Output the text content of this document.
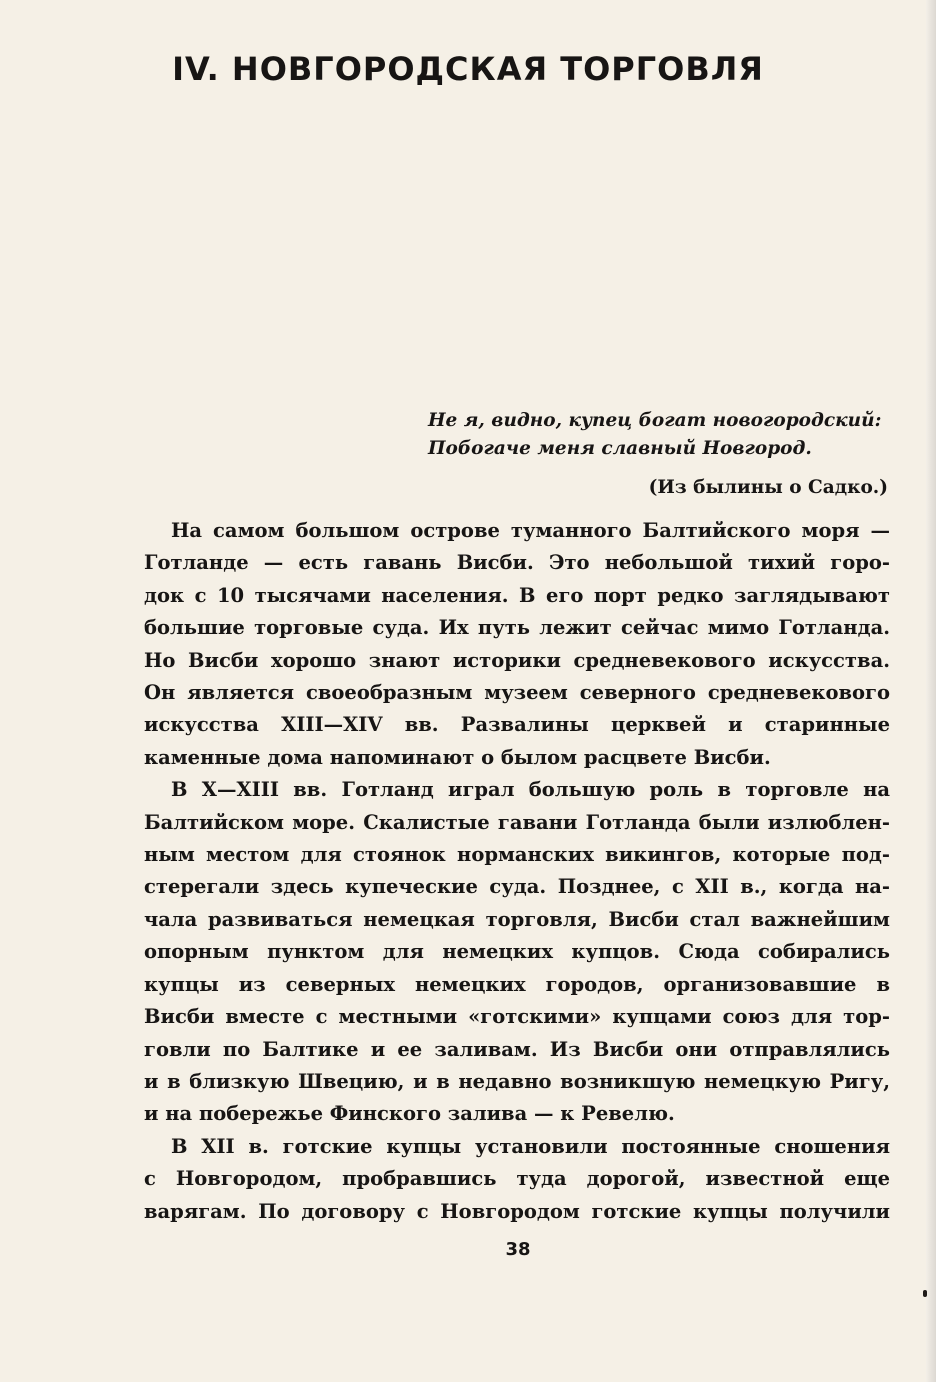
IV. НОВГОРОДСКАЯ ТОРГОВЛЯ

Не я, видно, купец богат новогородский:

Побогаче меня славный Новгород.

(Из былины о Садко.)

На самом большом острове туманного Балтийского моря —
Готланде — есть гавань Висби. Это небольшой тихий горо-
док с 10 тысячами населения. В его порт редко заглядывают
большие торговые суда. Их путь лежит сейчас мимо Готланда.
Но Висби хорошо знают историки средневекового искусства.
Он является своеобразным музеем северного средневекового
искусства XIII—XIV вв. Развалины церквей и старинные
каменные дома напоминают о былом расцвете Висби.
В X—XIII вв. Готланд играл большую роль в торговле на
Балтийском море. Скалистые гавани Готланда были излюблен-
ным местом для стоянок норманских викингов, которые под-
стерегали здесь купеческие суда. Позднее, с XII в., когда на-
чала развиваться немецкая торговля, Висби стал важнейшим
опорным пунктом для немецких купцов. Сюда собирались
купцы из северных немецких городов, организовавшие в
Висби вместе с местными «готскими» купцами союз для тор-
говли по Балтике и ее заливам. Из Висби они отправлялись
и в близкую Швецию, и в недавно возникшую немецкую Ригу,
и на побережье Финского залива — к Ревелю.
В XII в. готские купцы установили постоянные сношения
с Новгородом, пробравшись туда дорогой, известной еще
варягам. По договору с Новгородом готские купцы получили
38
